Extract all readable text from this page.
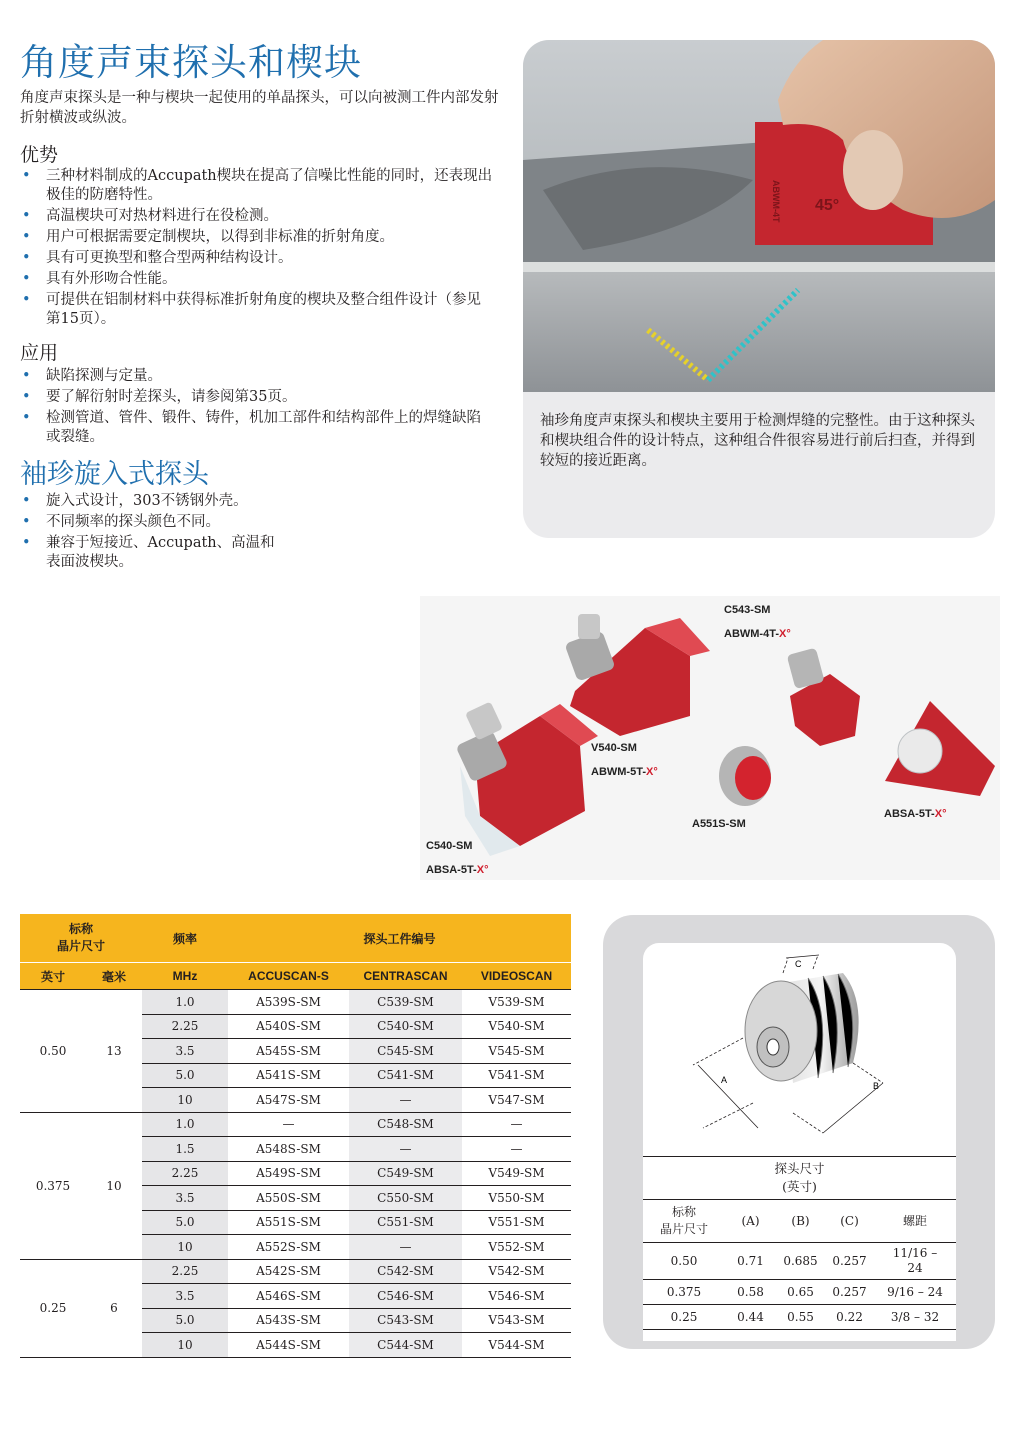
角度声束探头和楔块
角度声束探头是一种与楔块一起使用的单晶探头，可以向被测工件内部发射折射横波或纵波。
优势
• 三种材料制成的Accupath楔块在提高了信噪比性能的同时，还表现出极佳的防磨特性。
• 高温楔块可对热材料进行在役检测。
• 用户可根据需要定制楔块，以得到非标准的折射角度。
• 具有可更换型和整合型两种结构设计。
• 具有外形吻合性能。
• 可提供在铝制材料中获得标准折射角度的楔块及整合组件设计（参见第15页）。
应用
• 缺陷探测与定量。
• 要了解衍射时差探头，请参阅第35页。
• 检测管道、管件、锻件、铸件，机加工部件和结构部件上的焊缝缺陷或裂缝。
袖珍旋入式探头
• 旋入式设计，303不锈钢外壳。
• 不同频率的探头颜色不同。
• 兼容于短接近、Accupath、高温和表面波楔块。
45°
ABWM-4T
袖珍角度声束探头和楔块主要用于检测焊缝的完整性。由于这种探头和楔块组合件的设计特点，这种组合件很容易进行前后扫查，并得到较短的接近距离。
C543-SM
ABWM-4T-X°
V540-SM
ABWM-5T-X°
A551S-SM
ABSA-5T-X°
C540-SM
ABSA-5T-X°
标称
晶片尺寸		频率	探头工件编号		
英寸	毫米	MHz	ACCUSCAN-S	CENTRASCAN	VIDEOSCAN
0.50	13	1.0	A539S-SM	C539-SM	V539-SM
		2.25	A540S-SM	C540-SM	V540-SM
		3.5	A545S-SM	C545-SM	V545-SM
		5.0	A541S-SM	C541-SM	V541-SM
		10	A547S-SM	—	V547-SM
0.375	10	1.0	—	C548-SM	—
		1.5	A548S-SM	—	—
		2.25	A549S-SM	C549-SM	V549-SM
		3.5	A550S-SM	C550-SM	V550-SM
		5.0	A551S-SM	C551-SM	V551-SM
		10	A552S-SM	—	V552-SM
0.25	6	2.25	A542S-SM	C542-SM	V542-SM
		3.5	A546S-SM	C546-SM	V546-SM
		5.0	A543S-SM	C543-SM	V543-SM
		10	A544S-SM	C544-SM	V544-SM
A
B
C
探头尺寸
(英寸)				
标称
晶片尺寸	(A)	(B)	(C)	螺距
0.50	0.71	0.685	0.257	11/16 –
24
0.375	0.58	0.65	0.257	9/16 – 24
0.25	0.44	0.55	0.22	3/8 – 32
